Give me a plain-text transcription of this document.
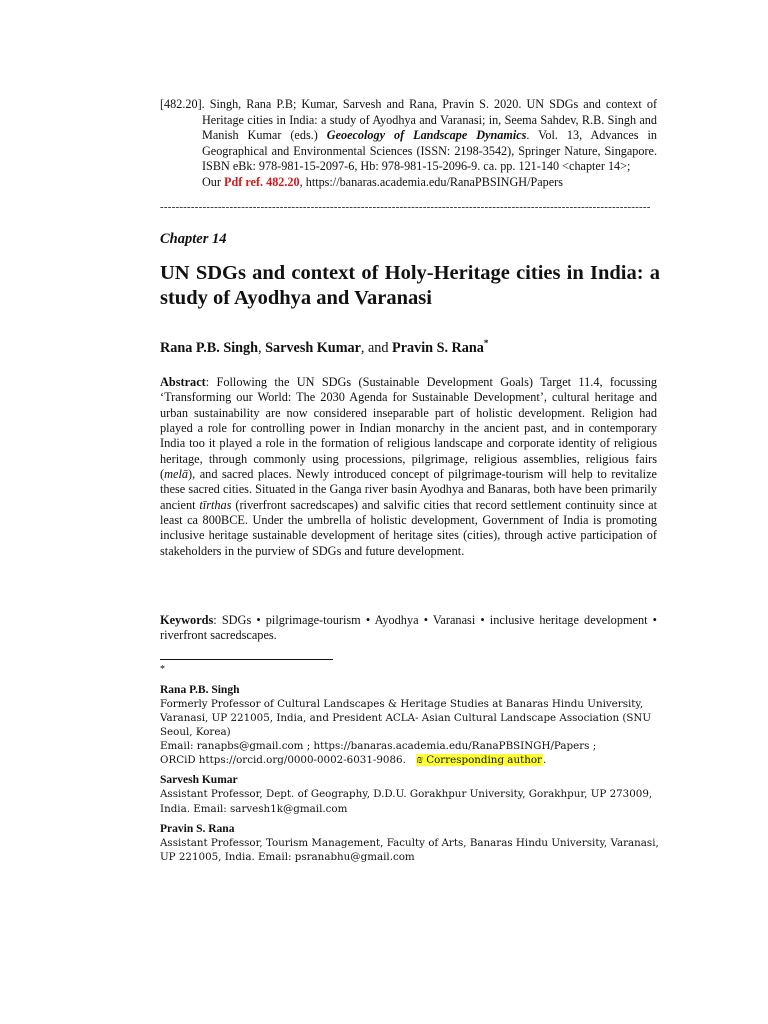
[482.20]. Singh, Rana P.B; Kumar, Sarvesh and Rana, Pravin S. 2020. UN SDGs and context of Heritage cities in India: a study of Ayodhya and Varanasi; in, Seema Sahdev, R.B. Singh and Manish Kumar (eds.) Geoecology of Landscape Dynamics. Vol. 13, Advances in Geographical and Environmental Sciences (ISSN: 2198-3542), Springer Nature, Singapore. ISBN eBk: 978-981-15-2097-6, Hb: 978-981-15-2096-9. ca. pp. 121-140 <chapter 14>;
Our Pdf ref. 482.20, https://banaras.academia.edu/RanaPBSINGH/Papers
-------------------------------------------------------------------------------------------------------------------------------
Chapter 14
UN SDGs and context of Holy-Heritage cities in India: a study of Ayodhya and Varanasi
Rana P.B. Singh, Sarvesh Kumar, and Pravin S. Rana*
Abstract: Following the UN SDGs (Sustainable Development Goals) Target 11.4, focussing ‘Transforming our World: The 2030 Agenda for Sustainable Development’, cultural heritage and urban sustainability are now considered inseparable part of holistic development. Religion had played a role for controlling power in Indian monarchy in the ancient past, and in contemporary India too it played a role in the formation of religious landscape and corporate identity of religious heritage, through commonly using processions, pilgrimage, religious assemblies, religious fairs (melā), and sacred places. Newly introduced concept of pilgrimage-tourism will help to revitalize these sacred cities. Situated in the Ganga river basin Ayodhya and Banaras, both have been primarily ancient tīrthas (riverfront sacredscapes) and salvific cities that record settlement continuity since at least ca 800BCE. Under the umbrella of holistic development, Government of India is promoting inclusive heritage sustainable development of heritage sites (cities), through active participation of stakeholders in the purview of SDGs and future development.
Keywords: SDGs • pilgrimage-tourism • Ayodhya • Varanasi • inclusive heritage development • riverfront sacredscapes.
*
Rana P.B. Singh
Formerly Professor of Cultural Landscapes & Heritage Studies at Banaras Hindu University, Varanasi, UP 221005, India, and President ACLA- Asian Cultural Landscape Association (SNU Seoul, Korea)
Email: ranapbs@gmail.com ; https://banaras.academia.edu/RanaPBSINGH/Papers ;
ORCiD https://orcid.org/0000-0002-6031-9086. ₪ Corresponding author.
Sarvesh Kumar
Assistant Professor, Dept. of Geography, D.D.U. Gorakhpur University, Gorakhpur, UP 273009, India. Email: sarvesh1k@gmail.com
Pravin S. Rana
Assistant Professor, Tourism Management, Faculty of Arts, Banaras Hindu University, Varanasi, UP 221005, India. Email: psranabhu@gmail.com
